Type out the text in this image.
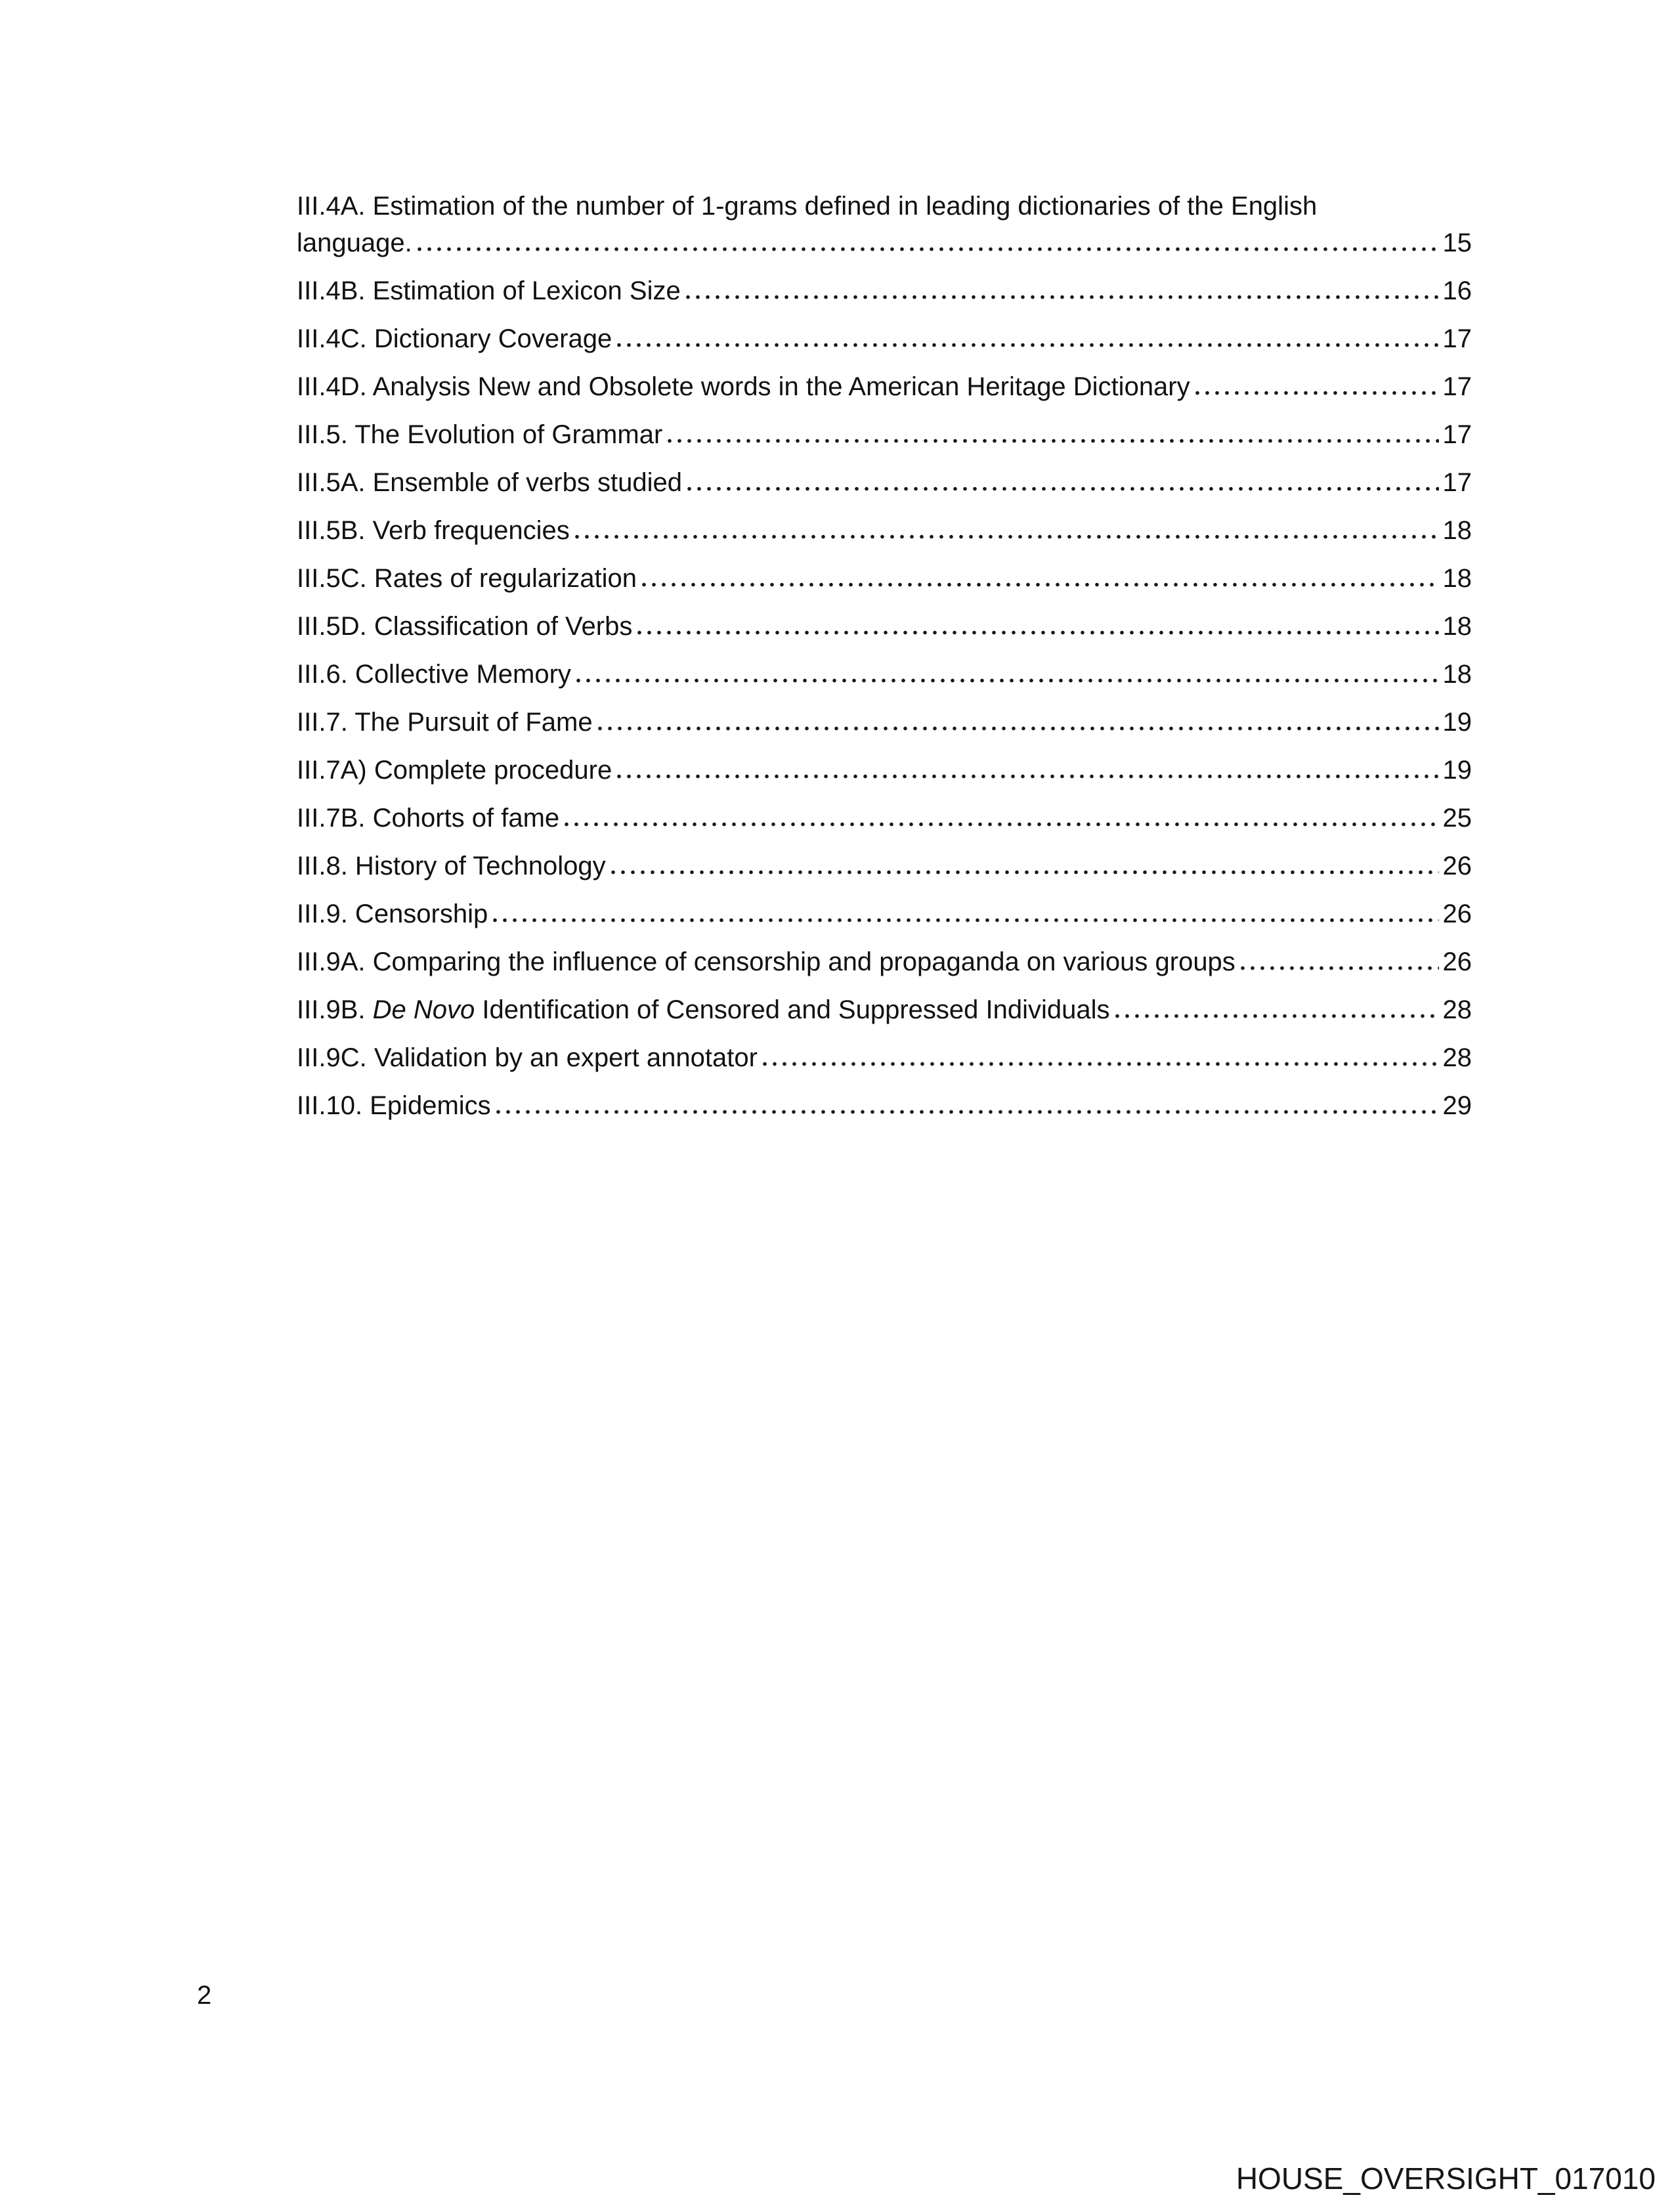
III.4A. Estimation of the number of 1-grams defined in leading dictionaries of the English
language.	15
III.4B. Estimation of Lexicon Size	16
III.4C. Dictionary Coverage	17
III.4D. Analysis New and Obsolete words in the American Heritage Dictionary	17
III.5. The Evolution of Grammar	17
III.5A. Ensemble of verbs studied	17
III.5B. Verb frequencies	18
III.5C. Rates of regularization	18
III.5D. Classification of Verbs	18
III.6. Collective Memory	18
III.7. The Pursuit of Fame	19
III.7A) Complete procedure	19
III.7B. Cohorts of fame	25
III.8. History of Technology	26
III.9. Censorship	26
III.9A. Comparing the influence of censorship and propaganda on various groups	26
III.9B. De Novo Identification of Censored and Suppressed Individuals	28
III.9C. Validation by an expert annotator	28
III.10. Epidemics	29
2
HOUSE_OVERSIGHT_017010
